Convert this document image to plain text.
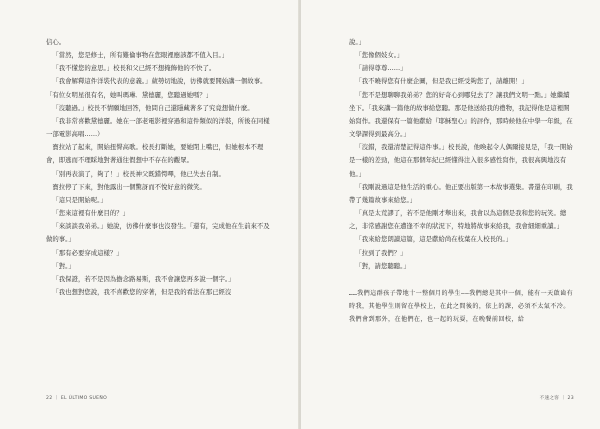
信心。

「當然，您是修士，所有難倫事物在您眼裡應該都不值入目。」

「我不懂您的意思。」校長和父已經不想掩飾他的不快了。

「我會解釋這件洋裝代表的意義。」葳勢切地說，彷彿就要開始講一個故事。「有位女明星很有名，她叫瑪琳．黛德麗，您聽過她嗎？」

「沒聽過。」校長不情願地回答，他問自己還隱藏著多了究竟想做什麼。

「我非常喜歡黛德麗。她在一部老電影裡穿過和這件類似的洋裝，所後在同樣一部電影高唱……）

寶拉站了起來，開始扭臀高歌。校長打斷她，要她閉上嘴巴，但她根本不理會，即逃而不理睬地對著通往假想中不存在的觀眾。

「別再表演了，夠了！」校長神父既錯愕嗶，他已失去自制。

寶拉停了下來，對他露出一個驚訝而不悅好意的微笑。

「這只是開始呢。」

「您來這裡有什麼目的？」

「來談談我弟弟。」她說，彷彿什麼事也沒發生。「還有，完成他在生前來不及做的事。」

「那有必要穿成這樣？」

「對。」

「我保證，若不是因為擔念路易斯，我不會讓您再多說一個字。」

「我也想對您說，我不喜歡您的穿著，但是我的看法在那已經沒

22 ｜ EL ÚLTIMO SUEÑO

說。」

「您像個妓女。」

「請得尊尊……」

「我不曉得您有什麼企圖，但是我已經受夠您了，請離開！」

「您不是想聊聊我弟弟？您的好奇心到哪兒去了？讓我們文明一點。」她繼續坐下。「我來講一篇他的故事給您聽。那是他送給我的禮物，我記得他是這裡開始寫作。我還保有一篇他獻給『耶穌聖心』的評作，那時候他在中學一年級，在文學課得到最高分。」

「沒錯，我還清楚記得這件事。」校長說，他喚起令人偶爾接見是，「我一開始是一樣的差勁，他這在那個年紀已經懂得注入很多感性寫作，我很高興地沒有他。」

「我剛說過這是他生活的重心。他正要出版第一本故事選集。書還在印刷，我帶了幾篇故事來給您。」

「真是太荒謬了，若不是他剛才舉出來，我會以為這個是我和您的玩笑。總之，非常感謝您在遭逢不幸的狀況下，特地將故事來給我，我會細細重讀。」

「我來給您朗讀這篇，這是獻給尚在枝葉在人校長的。」

「拉到了我們？」

「對，請您聽聽。」

……我們這群孩子帶地十一整個月的學生——我們總是其中一個，能有一天啟齒有時我，其他學生則留在學校上，在此之間後的，依上的課，必須不太氣不冷。我們會到那外，在他們在，也一起的玩耍，在晚餐前回校，給

不速之客 ｜ 23
